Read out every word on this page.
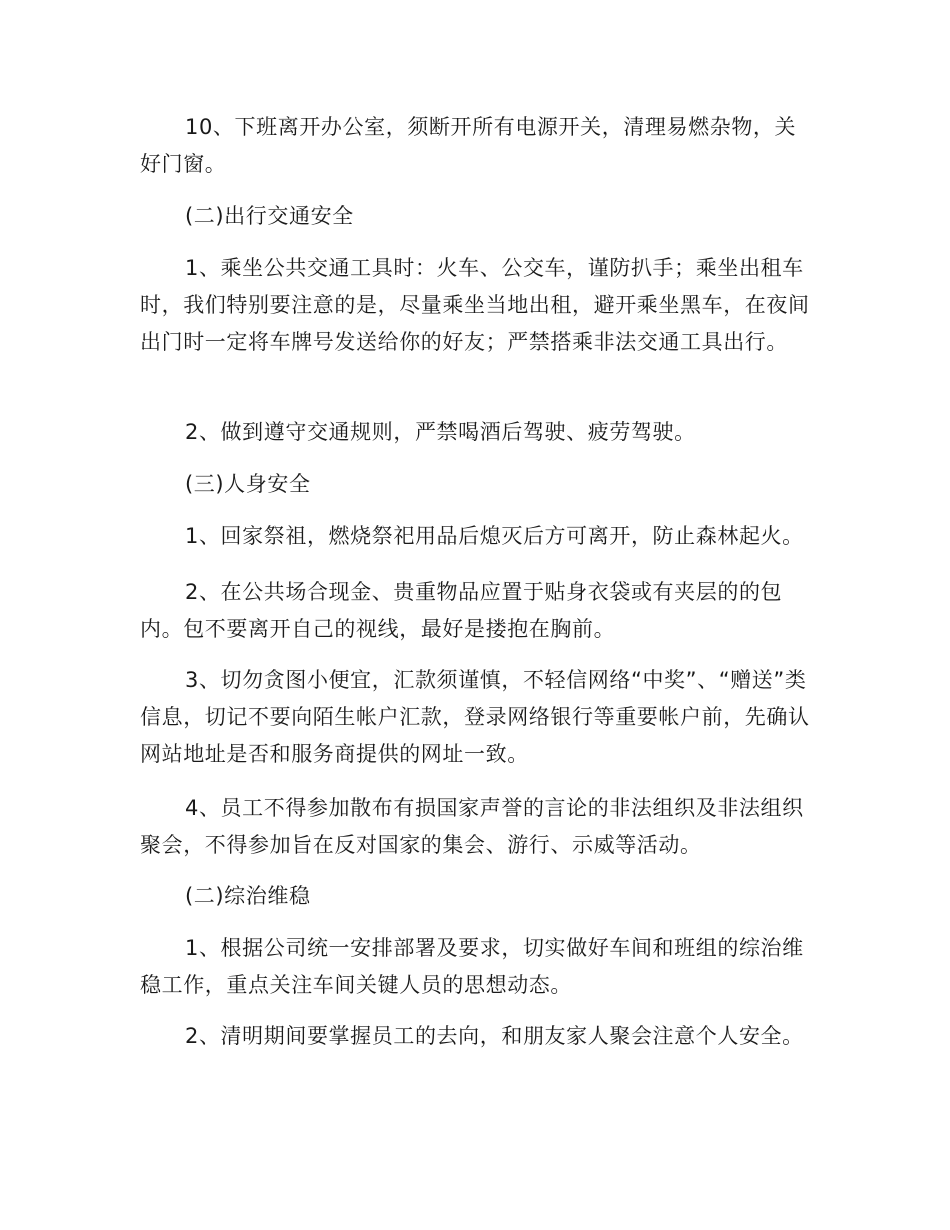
10、下班离开办公室，须断开所有电源开关，清理易燃杂物，关好门窗。

(二)出行交通安全

1、乘坐公共交通工具时：火车、公交车，谨防扒手；乘坐出租车时，我们特别要注意的是，尽量乘坐当地出租，避开乘坐黑车，在夜间出门时一定将车牌号发送给你的好友；严禁搭乘非法交通工具出行。

2、做到遵守交通规则，严禁喝酒后驾驶、疲劳驾驶。

(三)人身安全

1、回家祭祖，燃烧祭祀用品后熄灭后方可离开，防止森林起火。

2、在公共场合现金、贵重物品应置于贴身衣袋或有夹层的的包内。包不要离开自己的视线，最好是搂抱在胸前。

3、切勿贪图小便宜，汇款须谨慎，不轻信网络“中奖”、“赠送”类信息，切记不要向陌生帐户汇款，登录网络银行等重要帐户前，先确认网站地址是否和服务商提供的网址一致。

4、员工不得参加散布有损国家声誉的言论的非法组织及非法组织聚会，不得参加旨在反对国家的集会、游行、示威等活动。

(二)综治维稳

1、根据公司统一安排部署及要求，切实做好车间和班组的综治维稳工作，重点关注车间关键人员的思想动态。

2、清明期间要掌握员工的去向，和朋友家人聚会注意个人安全。
